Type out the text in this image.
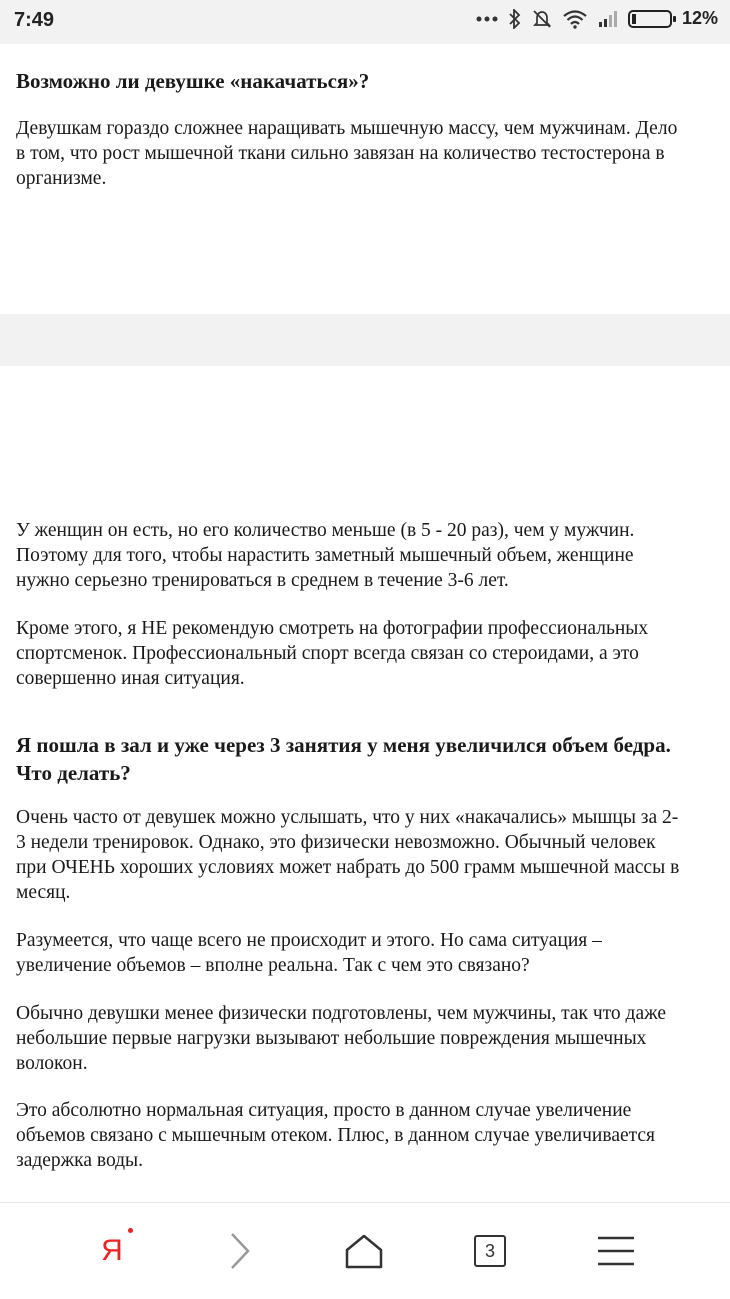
7:49	12%
Возможно ли девушке «накачаться»?

Девушкам гораздо сложнее наращивать мышечную массу, чем мужчинам. Дело

в том, что рост мышечной ткани сильно завязан на количество тестостерона в

организме.

У женщин он есть, но его количество меньше (в 5 - 20 раз), чем у мужчин.

Поэтому для того, чтобы нарастить заметный мышечный объем, женщине

нужно серьезно тренироваться в среднем в течение 3-6 лет.

Кроме этого, я НЕ рекомендую смотреть на фотографии профессиональных

спортсменок. Профессиональный спорт всегда связан со стероидами, а это

совершенно иная ситуация.

Я пошла в зал и уже через 3 занятия у меня увеличился объем бедра.
Что делать?

Очень часто от девушек можно услышать, что у них «накачались» мышцы за 2-

3 недели тренировок. Однако, это физически невозможно. Обычный человек

при ОЧЕНЬ хороших условиях может набрать до 500 грамм мышечной массы в

месяц.

Разумеется, что чаще всего не происходит и этого. Но сама ситуация –

увеличение объемов – вполне реальна. Так с чем это связано?

Обычно девушки менее физически подготовлены, чем мужчины, так что даже

небольшие первые нагрузки вызывают небольшие повреждения мышечных

волокон.

Это абсолютно нормальная ситуация, просто в данном случае увеличение

объемов связано с мышечным отеком. Плюс, в данном случае увеличивается

задержка воды.

Я	3
